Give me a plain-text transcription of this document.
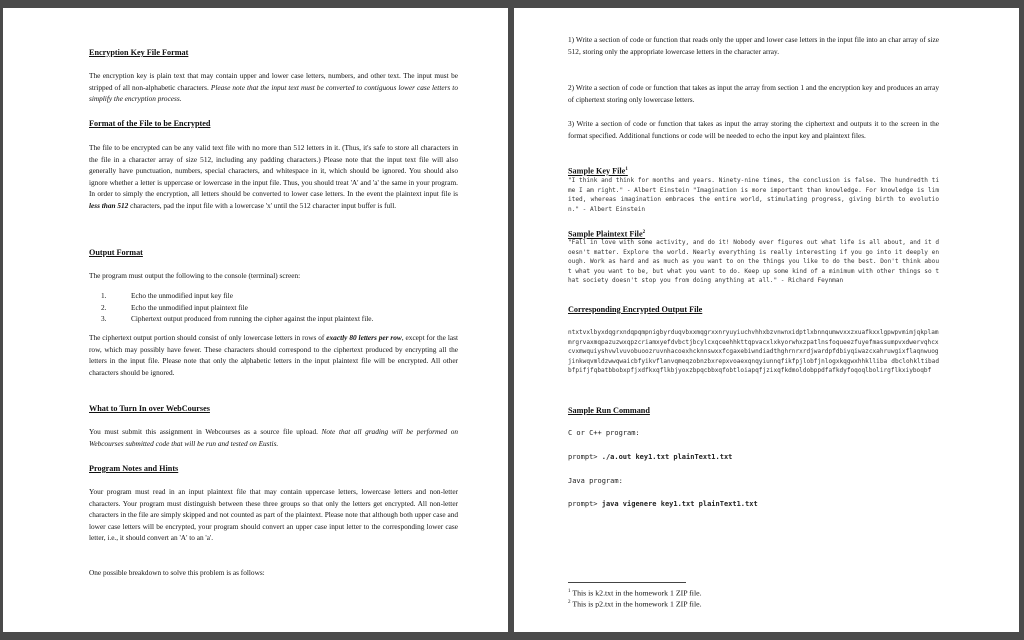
Encryption Key File Format

The encryption key is plain text that may contain upper and lower case letters, numbers, and other text. The input must be stripped of all non-alphabetic characters. Please note that the input text must be converted to contiguous lower case letters to simplify the encryption process.

Format of the File to be Encrypted

The file to be encrypted can be any valid text file with no more than 512 letters in it. (Thus, it's safe to store all characters in the file in a character array of size 512, including any padding characters.) Please note that the input text file will also generally have punctuation, numbers, special characters, and whitespace in it, which should be ignored. You should also ignore whether a letter is uppercase or lowercase in the input file. Thus, you should treat 'A' and 'a' the same in your program. In order to simply the encryption, all letters should be converted to lower case letters. In the event the plaintext input file is less than 512 characters, pad the input file with a lowercase 'x' until the 512 character input buffer is full.

Output Format

The program must output the following to the console (terminal) screen:

1.	Echo the unmodified input key file
2.	Echo the unmodified input plaintext file
3.	Ciphertext output produced from running the cipher against the input plaintext file.

The ciphertext output portion should consist of only lowercase letters in rows of exactly 80 letters per row, except for the last row, which may possibly have fewer. These characters should correspond to the ciphertext produced by encrypting all the letters in the input file. Please note that only the alphabetic letters in the input plaintext file will be encrypted. All other characters should be ignored.

What to Turn In over WebCourses

You must submit this assignment in Webcourses as a source file upload. Note that all grading will be performed on Webcourses submitted code that will be run and tested on Eustis.

Program Notes and Hints

Your program must read in an input plaintext file that may contain uppercase letters, lowercase letters and non-letter characters. Your program must distinguish between these three groups so that only the letters get encrypted. All non-letter characters in the file are simply skipped and not counted as part of the plaintext. Please note that although both upper case and lower case letters will be encrypted, your program should convert an upper case input letter to the corresponding lower case letter, i.e., it should convert an 'A' to an 'a'.

One possible breakdown to solve this problem is as follows:

1) Write a section of code or function that reads only the upper and lower case letters in the input file into an char array of size 512, storing only the appropriate lowercase letters in the character array.

2) Write a section of code or function that takes as input the array from section 1 and the encryption key and produces an array of ciphertext storing only lowercase letters.

3) Write a section of code or function that takes as input the array storing the ciphertext and outputs it to the screen in the format specified. Additional functions or code will be needed to echo the input key and plaintext files.

Sample Key File$^1$

"I think and think for months and years. Ninety-nine times, the conclusion is false. The hundredth time I am right." - Albert Einstein "Imagination is more important than knowledge. For knowledge is limited, whereas imagination embraces the entire world, stimulating progress, giving birth to evolution." - Albert Einstein

Sample Plaintext File$^2$

"Fall in love with some activity, and do it! Nobody ever figures out what life is all about, and it doesn't matter. Explore the world. Nearly everything is really interesting if you go into it deeply enough. Work as hard and as much as you want to on the things you like to do the best. Don't think about what you want to be, but what you want to do. Keep up some kind of a minimum with other things so that society doesn't stop you from doing anything at all." - Richard Feynman

Corresponding Encrypted Output File

ntxtvxlbyxdqgrxndqpqmpnigbyrduqvbxxmqgrxxnryuyiuchvhhxbzvnwnxidptlxbnnqumwvxxzxuafkxxlgpwpvmimjqkplammrgrvaxmqpazuzwxqpzcriamxyefdvbctjbcylcxqceehhkttqpvacxlxkyorwhxzpatlnsfoqueezfuyefmassumpvxdwervqhcxcvxmwquiyshvwlvuvobuoozruvnhacoexhcknnswxxfcgaxebiwndiadthghrnrxrdjwardpfdbiyqiwazcxahruwgixflaqnwuogjinkwqvmldzwwqwaicbfyikvflanvqmeqzobnzbxrepxvoaexqnqyiunnqfikfpjlobfjnlogxkqgwxhhklliba dbclohkltibadbfpifjfqbatbbobxpfjxdfkxqflkbjyoxzbpqcbbxqfobtloiapqfjzixqfkdmoldobppdfafkdyfoqoqlbolirgflkxiyboqbf

Sample Run Command

C or C++ program:

prompt> ./a.out key1.txt plainText1.txt

Java program:

prompt> java vigenere key1.txt plainText1.txt

$^1$ This is k2.txt in the homework 1 ZIP file.

$^2$ This is p2.txt in the homework 1 ZIP file.
